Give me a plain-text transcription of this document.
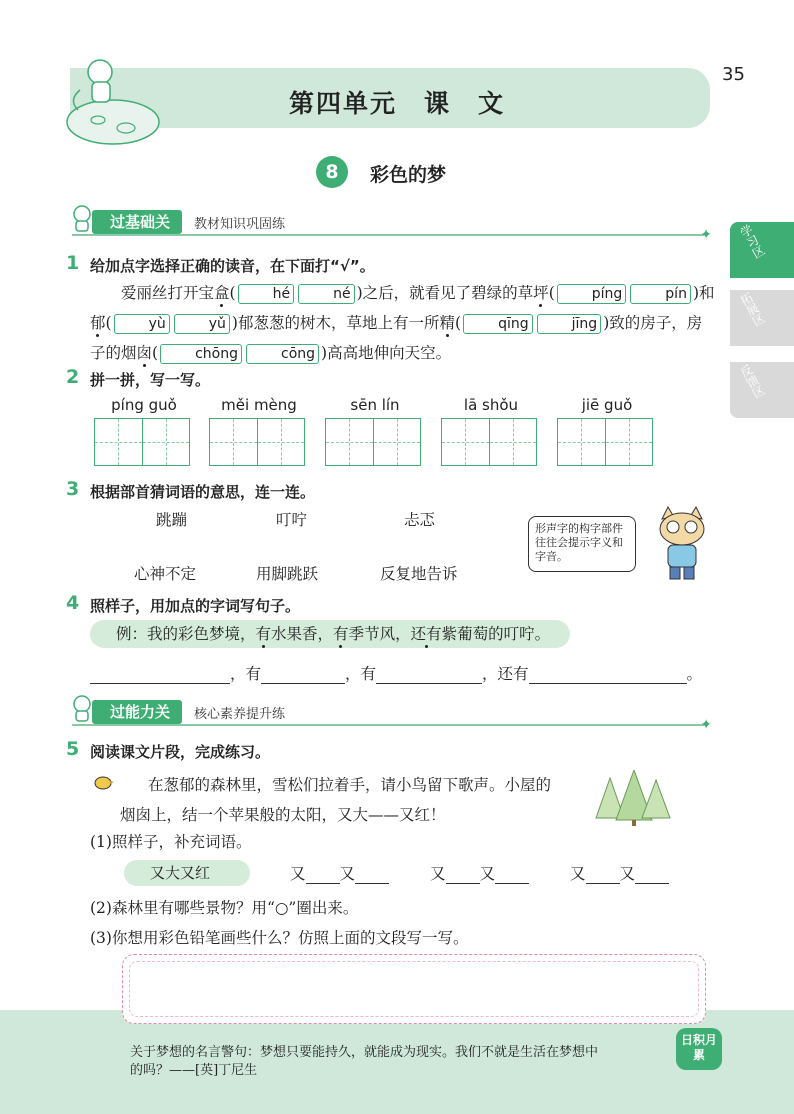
第四单元　课　文
35
8	彩色的梦
学习区
拓展区
反馈区
过基础关	教材知识巩固练
✦
1 给加点字选择正确的读音，在下面打“√”。
爱丽丝打开宝盒(	hé	né )之后，就看见了碧绿的草坪(	píng	pín )和郁(	yù	yǔ )郁葱葱的树木，草地上有一所精(	qīng	jīng )致的房子，房子的烟囱(	chōng	cōng )高高地伸向天空。
2 拼一拼，写一写。
píng guǒ	měi mèng	sēn lín	lā shǒu	jiē guǒ
3 根据部首猜词语的意思，连一连。
跳蹦	叮咛	忐忑
心神不定	用脚跳跃	反复地告诉
形声字的构字部件往往会提示字义和字音。
4 照样子，用加点的字词写句子。
例：我的彩色梦境，有水果香，有季节风，还有紫葡萄的叮咛。
，有	，有	，还有	。
过能力关	核心素养提升练
✦
5 阅读课文片段，完成练习。
在葱郁的森林里，雪松们拉着手，请小鸟留下歌声。小屋的
烟囱上，结一个苹果般的太阳，又大——又红！
(1)照样子，补充词语。
又大又红	又 又	又 又	又 又
(2)森林里有哪些景物？用“○”圈出来。
(3)你想用彩色铅笔画些什么？仿照上面的文段写一写。
关于梦想的名言警句：梦想只要能持久，就能成为现实。我们不就是生活在梦想中
的吗？——[英]丁尼生
日积月累
